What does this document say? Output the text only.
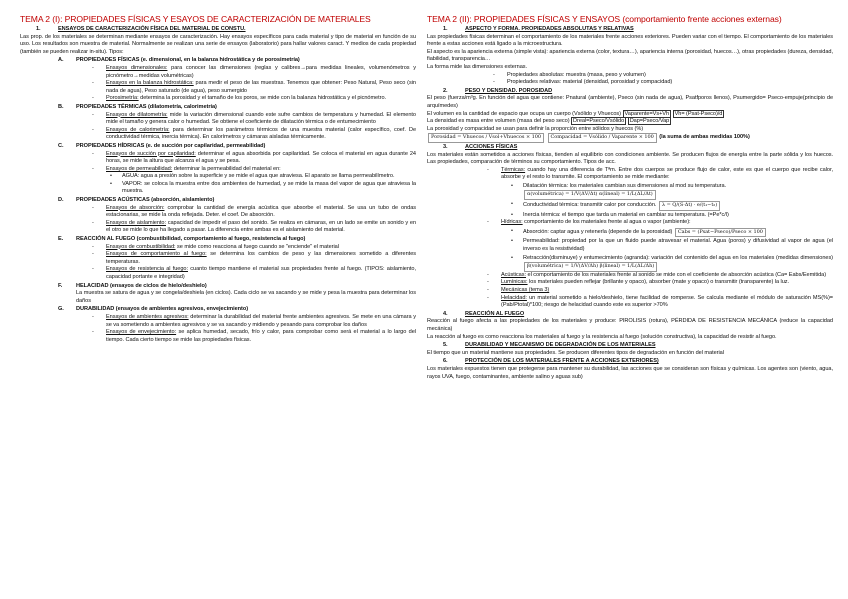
TEMA 2 (I): PROPIEDADES FÍSICAS Y ESAYOS DE CARACTERIZACIÓN DE MATERIALES
1.	ENSAYOS DE CARACTERIZACIÓN FÍSICA DEL MATERIAL DE CONSTU.

Las prop. de los materiales se determinan mediante ensayos de caracterización. Hay ensayos específicos para cada material y tipo de material en función de su uso. Los resultados son muestra de material. Normalmente se realizan una serie de ensayos (laboratorio) para hallar valores caract. Y medios de cada propiedad (también se pueden realizar in-situ). Tipos:

A.	PROPIEDADES FÍSICAS (e. dimensional, en la balanza hidrostática y de porosimetría)
-	Ensayos dimensionales: para conocer las dimensiones (reglas y calibres→para medidas lineales, volumenómetros y picnómetro→medidas volumétricas)
-	Ensayos en la balanza hidrostática: para medir el peso de las muestras. Tenemos que obtener: Peso Natural, Peso seco (sin nada de agua), Peso saturado (de agua), peso sumergido
-	Porosimetría: determina la porosidad y el tamaño de los poros, se mide con la balanza hidrostática y el picnómetro.
B.	PROPIEDADES TÉRMICAS (dilatometría, calorimetría)
-	Ensayos de dilatometría: mide la variación dimensional cuando este sufre cambios de temperatura y humedad. El elemento mide el tamaño y genera calor o humedad. Se obtiene el coeficiente de dilatación térmica o de entumecimiento
-	Ensayos de calorimetría: para determinar los parámetros térmicos de una muestra material (calor específico, coef. De conductividad térmica, inercia térmica). En calorímetros y cámaras aisladas térmicamente.
C.	PROPIEDADES HÍDRICAS (e. de succión por capilaridad, permeabilidad)
-	Ensayos de succión por capilaridad: determinar el agua absorbida por capilaridad. Se coloca el material en agua durante 24 horas, se mide la altura que alcanza el agua y se pesa.
-	Ensayos de permeabilidad: determinar la permeabilidad del material en:
•	AGUA: agua a presión sobre la superficie y se mide el agua que atraviesa. El aparato se llama permeabilímetro.
•	VAPOR: se coloca la muestra entre dos ambientes de humedad, y se mide la masa del vapor de agua que atraviesa la muestra.
D.	PROPIEDADES ACÚSTICAS (absorción, aislamiento)
-	Ensayos de absorción: comprobar la cantidad de energía acústica que absorbe el material. Se usa un tubo de ondas estacionarias, se mide la onda reflejada. Deter. el coef. De absorción.
-	Ensayos de aislamiento: capacidad de impedir el paso del sonido. Se realiza en cámaras, en un lado se emite un sonido y en el otro se mide lo que ha llegado a pasar. La diferencia entre ambas es el aislamiento del material.
E.	REACCIÓN AL FUEGO (combustibilidad, comportamiento al fuego, resistencia al fuego)
-	Ensayos de combustibilidad: se mide como reacciona al fuego cuando se "enciende" el material
-	Ensayos de comportamiento al fuego: se determina los cambios de peso y las dimensiones sometido a diferentes temperaturas.
-	Ensayos de resistencia al fuego: cuanto tiempo mantiene el material sus propiedades frente al fuego. (TIPOS: aislamiento, capacidad portante e integridad)
F.	HELACIDAD (ensayos de ciclos de hielo/deshielo)

La muestra se satura de agua y se congela/deshiela (en ciclos). Cada ciclo se va sacando y se mide y pesa la muestra para determinar los daños

G.	DURABILIDAD (ensayos de ambientes agresivos, envejecimiento)
-	Ensayos de ambientes agresivos: determinar la durabilidad del material frente ambientes agresivos. Se mete en una cámara y se va sometiendo a ambientes agresivos y se va sacando y midiendo y pesando para comprobar los daños
-	Ensayos de envejecimiento: se aplica humedad, secado, frío y calor, para comprobar como será el material a lo largo del tiempo. Cada cierto tiempo se mide las propiedades físicas.
TEMA 2 (II): PROPIEDADES FÍSICAS Y ENSAYOS (comportamiento frente acciones externas)
1.	ASPECTO Y FORMA. PROPIEDADES ABSOLUTAS Y RELATIVAS

Las propiedades físicas determinan el comportamiento de los materiales frente acciones exteriores. Pueden variar con el tiempo. El comportamiento de los materiales frente a estas acciones está ligado a la microestructura.

El aspecto es la apariencia externa (simple vista): apariencia externa (color, textura…), apariencia interna (porosidad, huecos…), otras propiedades (dureza, densidad, fiabilidad, transparencia…

La forma mide las dimensiones externas.

-	Propiedades absolutas: muestra (masa, peso y volumen)
-	Propiedades relativas: material (densidad, porosidad y compacidad)
2.	PESO Y DENSIDAD. POROSIDAD

El peso (fuerza/m³g. En función del agua que contiene: Pnatural (ambiente), Pseco (sin nada de agua), Psatfporos llenos), Psumergido= Pseco-empuje(principio de arquímedes)

El volumen es la cantidad de espacio que ocupa un cuerpo (Vsólido y Vhuecos) Vaparente=Vs+Vh Vh= (Psat-Pseco)/d

La densidad es masa entre volumen (masa del peso seco) Dreal=Pseco/Vsólido Dap=Pseco/Vap

La porosidad y compacidad se usan para definir la proporción entre sólidos y huecos (%)

Porosidad = Vhuecos / Vsol+Vhuecos × 100 Compacidad = Vsólido / Vaparente × 100 (la suma de ambas medidas 100%)

3.	ACCIONES FÍSICAS

Los materiales están sometidos a acciones físicas, tienden al equilibrio con condiciones ambiente. Se producen flujos de energía entre la parte sólida y los huecos. Las propiedades, comparación de términos su comportamiento. Tipos de acc.

-	Térmicas: cuando hay una diferencia de Tªm. Entre dos cuerpos se produce flujo de calor, este es que el cuerpo que recibe calor, absorbe y el resto lo transmite. El comportamiento se mide mediante:
•	Dilatación térmica: los materiales cambian sus dimensiones al mod su temperatura.
α(volumétrica) = 1/V(ΔV/Δt) α(lineal) = 1/L(ΔL/Δt)
•	Conductividad térmica: transmitir calor por conducción. λ = Q/(S·Δt) · e/(t₁−t₂)
•	Inercia térmica: el tiempo que tarda un material en cambiar su temperatura. (=Pe*c/l)
-	Hídricas: comportamiento de los materiales frente al agua o vapor (ambiente):
•	Absorción: captar agua y retenerla (depende de la porosidad) Cabs = (Psat−Pseco)/Pseco × 100
•	Permeabilidad: propiedad por la que un fluido puede atravesar el material. Agua (poros) y difusividad al vapor de agua (el inverso es la resistividad)
•	Retracción(disminuye) y entumecimiento (agranda): variación del contenido del agua en los materiales (medidas dimensiones) β(volumétrica) = 1/V(ΔV/Δh) β(lineal) = 1/L(ΔL/Δh)
-	Acústicas: el comportamiento de los materiales frente al sonido se mide con el coeficiente de absorción acústica (Ca= Eabs/Eemitida)
-	Lumínicas: los materiales pueden reflejar (brillante y opaco), absorber (mate y opaco) o transmitir (transparente) la luz.
-	Mecánicas (tema 3)
-	Helacidad: un material sometido a hielo/deshielo, tiene facilidad de romperse. Se calcula mediante el módulo de saturación MS(%)=(Pab/Ptotal)*100; riesgo de helacidad cuando este es superior >70%
4.	REACCIÓN AL FUEGO

Reacción al fuego afecta a las propiedades de los materiales y produce: PIROLISIS (rotura), PÉRDIDA DE RESISTENCIA MECÁNICA (reduce la capacidad mecánica)

La reacción al fuego es como reacciona los materiales al fuego y la resistencia al fuego (solución constructiva), la capacidad de resistir al fuego.

5.	DURABILIDAD Y MECANISMO DE DEGRADACIÓN DE LOS MATERIALES

El tiempo que un material mantiene sus propiedades. Se producen diferentes tipos de degradación en función del material

6.	PROTECCIÓN DE LOS MATERIALES FRENTE A ACCIONES EXTERIORES)

Los materiales expuestos tienen que protegerse para mantener su durabilidad, las acciones que se consideran son físicas y químicas. Los agentes son (viento, agua, rayos UVA, fuego, contaminantes, ambiente salino y aguas sub)
